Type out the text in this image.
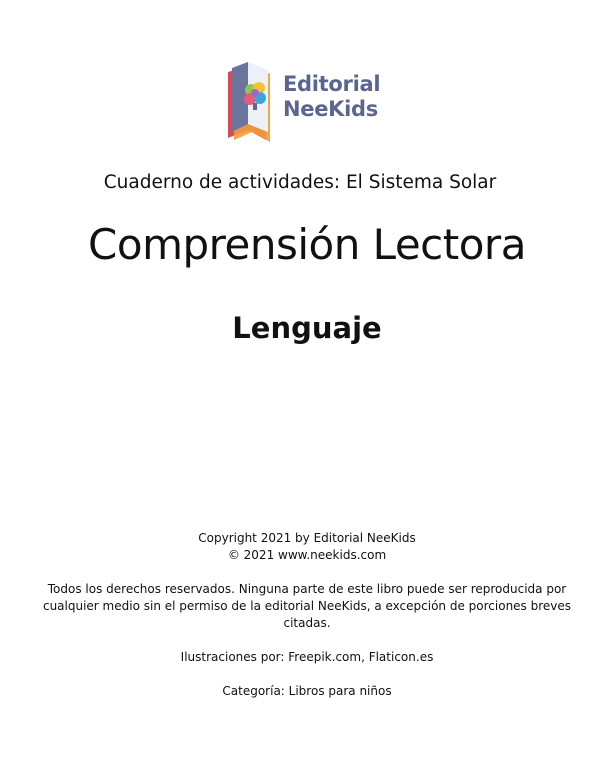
Editorial
NeeKids
Cuaderno de actividades: El Sistema Solar
Comprensión Lectora
Lenguaje

Copyright 2021 by Editorial NeeKids

© 2021 www.neekids.com

Todos los derechos reservados. Ninguna parte de este libro puede ser reproducida por

cualquier medio sin el permiso de la editorial NeeKids, a excepción de porciones breves

citadas.

Ilustraciones por: Freepik.com, Flaticon.es

Categoría: Libros para niños
